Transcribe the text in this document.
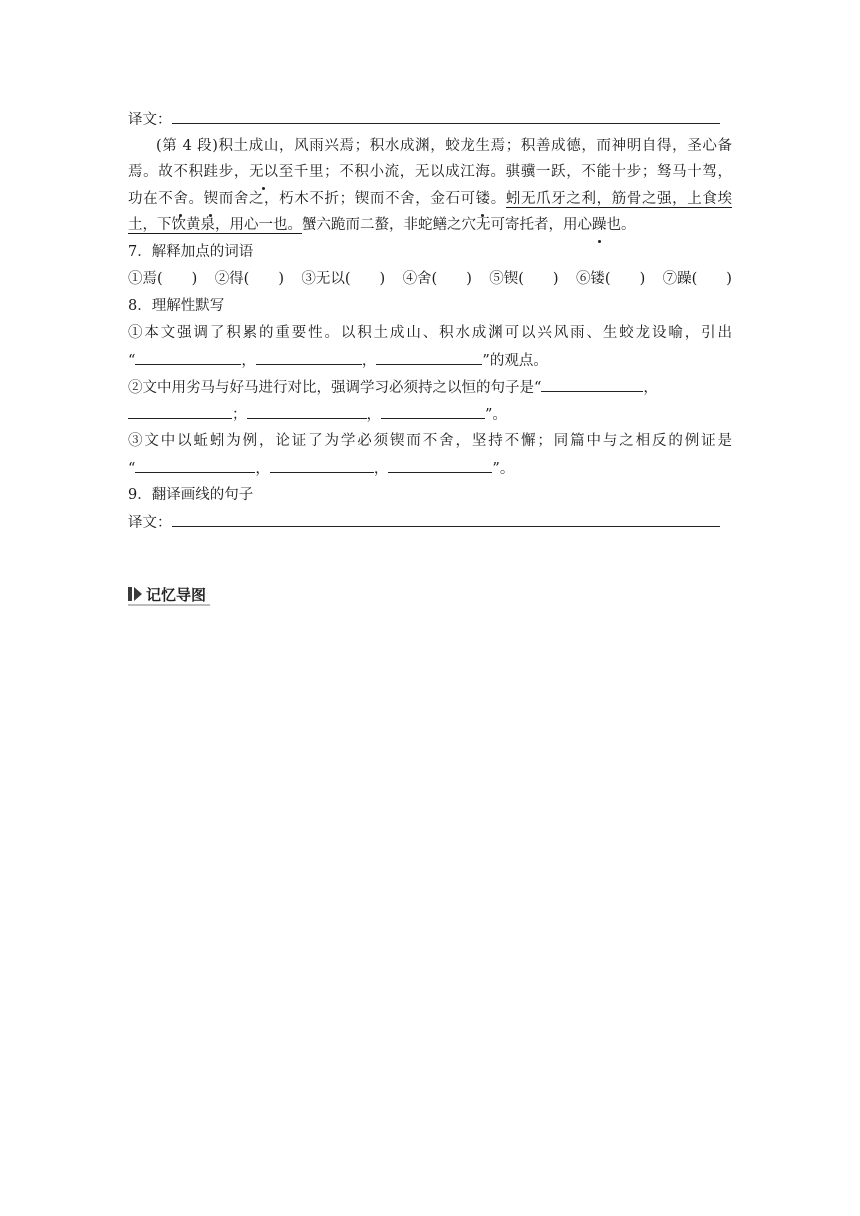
译文：
(第 4 段)积土成山，风雨兴焉；积水成渊，蛟龙生焉；积善成德，而神明自得，圣心备
焉。故不积跬步，无以至千里；不积小流，无以成江海。骐骥一跃，不能十步；驽马十驾，
功在不舍。锲而舍之，朽木不折；锲而不舍，金石可镂。蚓无爪牙之利，筋骨之强，上食埃
土，下饮黄泉，用心一也。蟹六跪而二螯，非蛇鳝之穴无可寄托者，用心躁也。
7．解释加点的词语
①焉(　　) ②得(　　) ③无以(　　) ④舍(　　) ⑤锲(　　) ⑥镂(　　) ⑦躁(　　)
8．理解性默写
①本文强调了积累的重要性。以积土成山、积水成渊可以兴风雨、生蛟龙设喻，引出
“	，	，	”的观点。
②文中用劣马与好马进行对比，强调学习必须持之以恒的句子是“	，
；	，	”。
③文中以蚯蚓为例，论证了为学必须锲而不舍，坚持不懈；同篇中与之相反的例证是
“	，	，	”。
9．翻译画线的句子
译文：
记忆导图
